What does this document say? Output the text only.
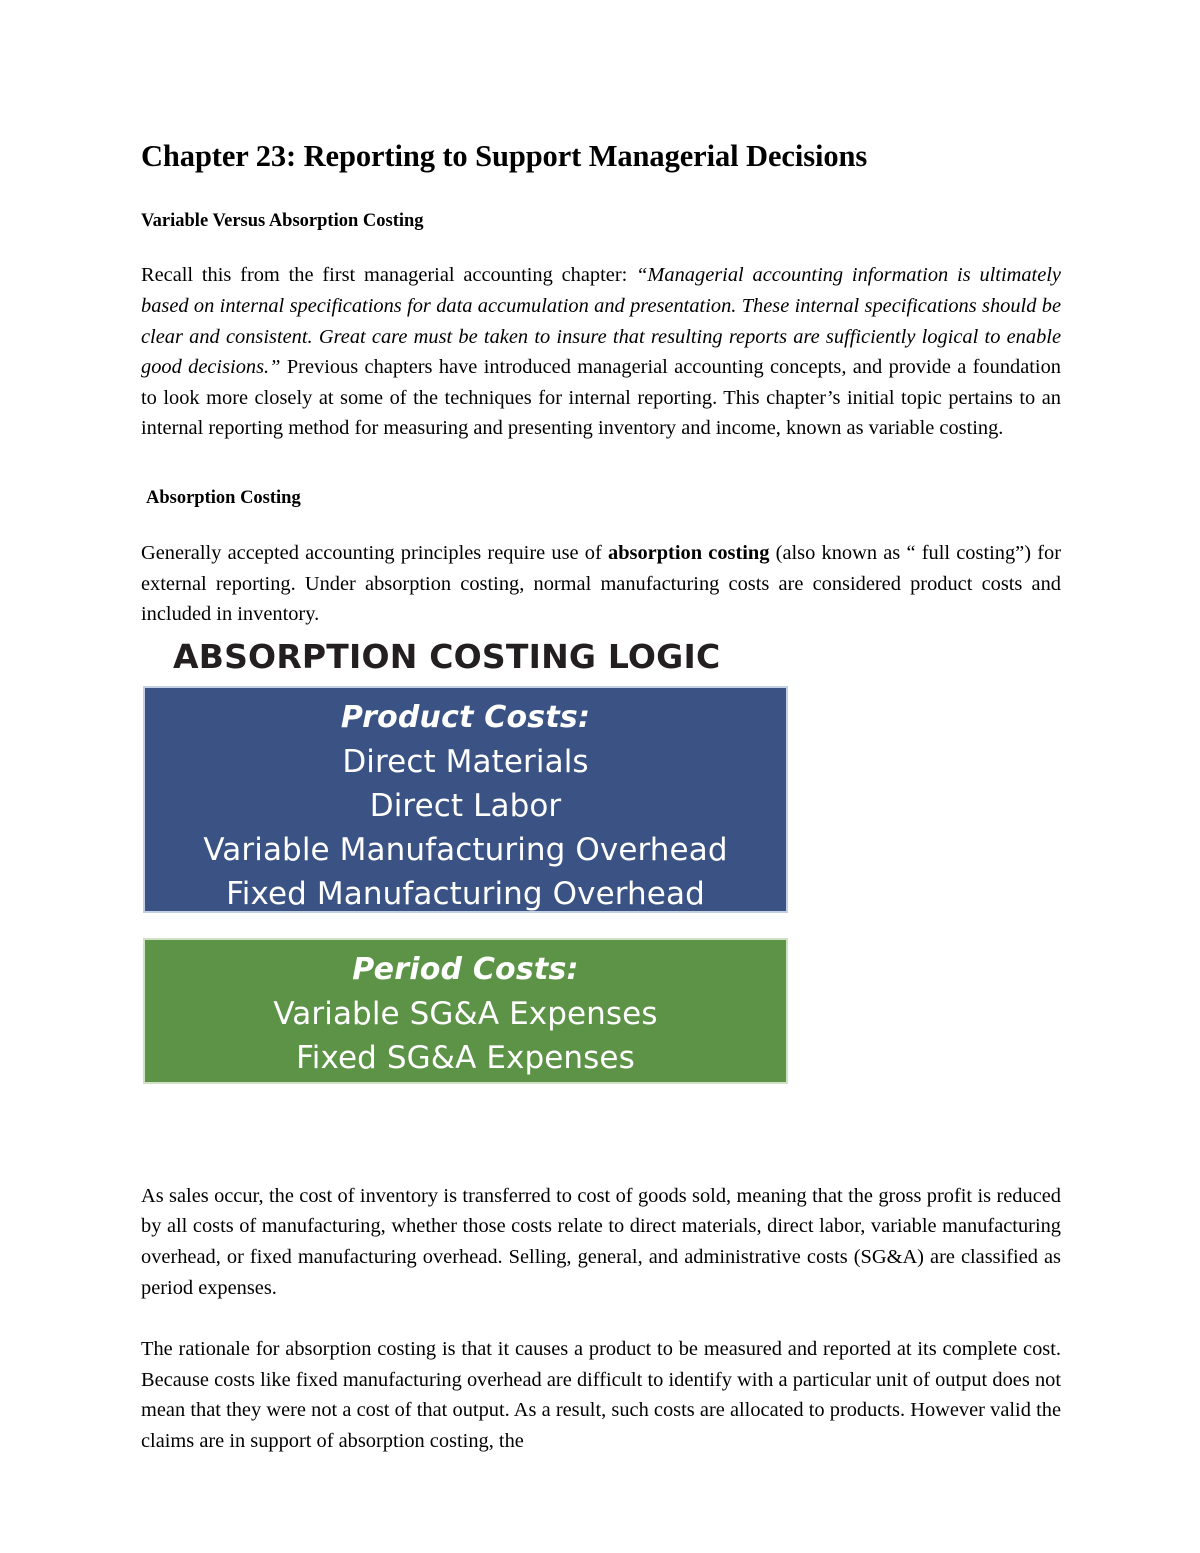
Chapter 23: Reporting to Support Managerial Decisions
Variable Versus Absorption Costing

Recall this from the first managerial accounting chapter: “Managerial accounting information is ultimately based on internal specifications for data accumulation and presentation. These internal specifications should be clear and consistent. Great care must be taken to insure that resulting reports are sufficiently logical to enable good decisions.” Previous chapters have introduced managerial accounting concepts, and provide a foundation to look more closely at some of the techniques for internal reporting. This chapter’s initial topic pertains to an internal reporting method for measuring and presenting inventory and income, known as variable costing.

Absorption Costing

Generally accepted accounting principles require use of absorption costing (also known as “ full costing”) for external reporting. Under absorption costing, normal manufacturing costs are considered product costs and included in inventory.

As sales occur, the cost of inventory is transferred to cost of goods sold, meaning that the gross profit is reduced by all costs of manufacturing, whether those costs relate to direct materials, direct labor, variable manufacturing overhead, or fixed manufacturing overhead. Selling, general, and administrative costs (SG&A) are classified as period expenses.

The rationale for absorption costing is that it causes a product to be measured and reported at its complete cost. Because costs like fixed manufacturing overhead are difficult to identify with a particular unit of output does not mean that they were not a cost of that output. As a result, such costs are allocated to products. However valid the claims are in support of absorption costing, the

ABSORPTION COSTING LOGIC
Product Costs:
Direct Materials
Direct Labor
Variable Manufacturing Overhead
Fixed Manufacturing Overhead
Period Costs:
Variable SG&A Expenses
Fixed SG&A Expenses
